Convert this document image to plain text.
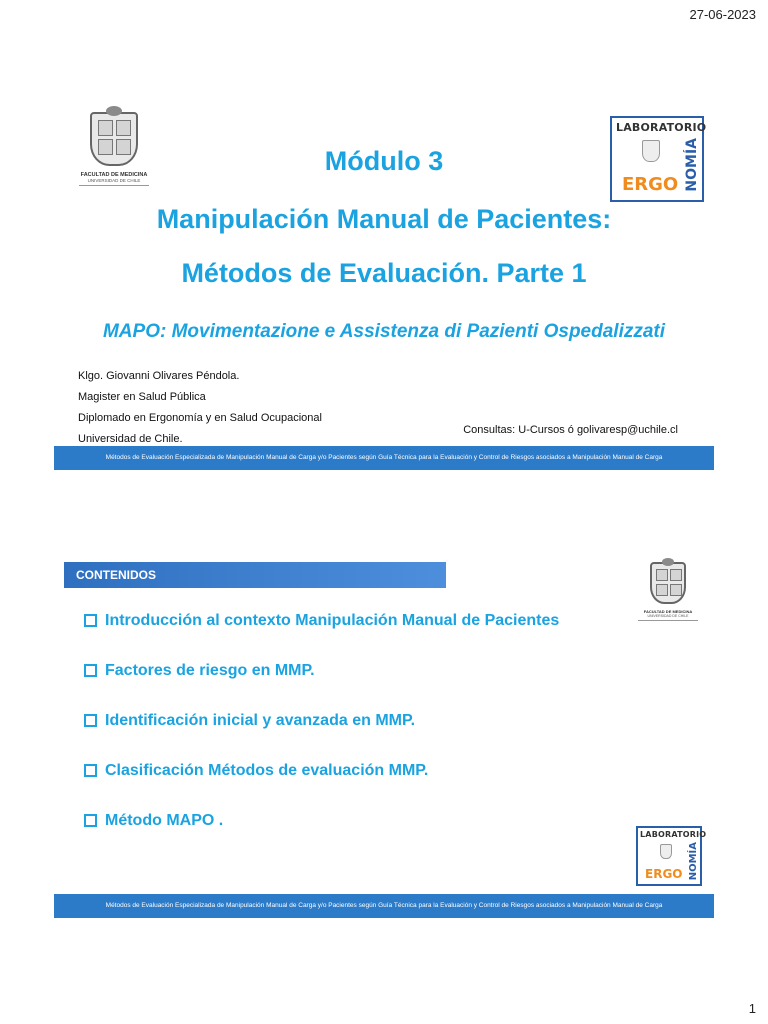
27-06-2023
FACULTAD DE MEDICINA
UNIVERSIDAD DE CHILE
LABORATORIO
ERGO NOMÍA
Módulo 3
Manipulación Manual de Pacientes:
Métodos de Evaluación. Parte 1
MAPO: Movimentazione e Assistenza di Pazienti Ospedalizzati
Klgo. Giovanni Olivares Péndola.
Magister en Salud Pública
Diplomado en Ergonomía y en Salud Ocupacional
Universidad de Chile.
Consultas: U-Cursos ó golivaresp@uchile.cl
Métodos de Evaluación Especializada de Manipulación Manual de Carga y/o Pacientes según Guía Técnica para la Evaluación y Control de Riesgos asociados a Manipulación Manual de Carga
CONTENIDOS
FACULTAD DE MEDICINA
UNIVERSIDAD DE CHILE
Introducción al contexto Manipulación Manual de Pacientes
Factores de riesgo en MMP.
Identificación inicial y avanzada en MMP.
Clasificación Métodos de evaluación MMP.
Método MAPO .
LABORATORIO
ERGO NOMÍA
Métodos de Evaluación Especializada de Manipulación Manual de Carga y/o Pacientes según Guía Técnica para la Evaluación y Control de Riesgos asociados a Manipulación Manual de Carga
1
